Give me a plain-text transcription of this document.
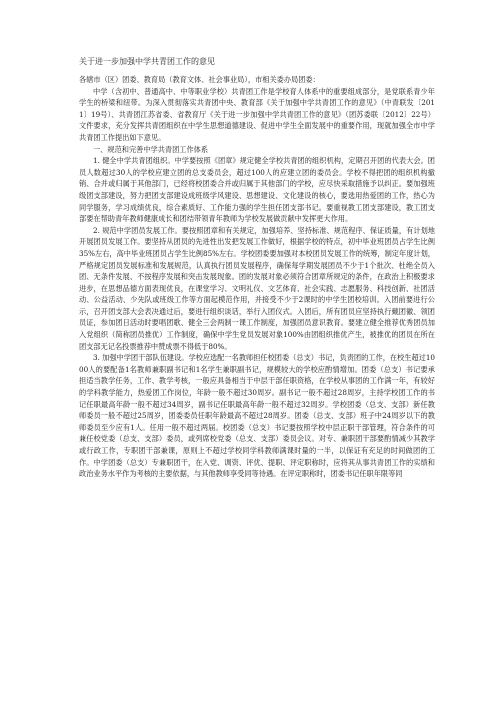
关于进一步加强中学共青团工作的意见

各辖市（区）团委、教育局（教育文体、社会事业局），市相关委办局团委：

中学（含初中、普通高中、中等职业学校）共青团工作是学校育人体系中的重要组成部分，是党联系青少年学生的桥梁和纽带。为深入贯彻落实共青团中央、教育部《关于加强中学共青团工作的意见》（中青联发〔2011〕19号）、共青团江苏省委、省教育厅《关于进一步加强中学共青团工作的意见》（团苏委联〔2012〕22号）文件要求，充分发挥共青团组织在中学生思想道德建设、促进中学生全面发展中的重要作用，现就加强全市中学共青团工作提出如下意见。

一、规范和完善中学共青团工作体系

1. 健全中学共青团组织。中学要按照《团章》规定健全学校共青团的组织机构，定期召开团的代表大会。团员人数超过30人的学校应建立团的总支委员会，超过100人的应建立团的委员会。学校不得把团的组织机构撤销、合并或归属于其他部门，已经将校团委合并或归属于其他部门的学校，应尽快采取措施予以纠正。要加强班级团支部建设，努力把团支部建设成班级学风建设、思想建设、文化建设的核心，要选用热爱团的工作，热心为同学服务，学习成绩优良，综合素质好、工作能力强的学生担任团支部书记。要重视教工团支部建设，教工团支部要在帮助青年教师健康成长和团结带领青年教师为学校发展做贡献中发挥更大作用。

2. 规范中学团员发展工作。要按照团章和有关规定，加强培养、坚持标准、规范程序、保证质量，有计划地开展团员发展工作。要坚持从团员的先进性出发把发展工作做好，根据学校的特点，初中毕业班团员占学生比例35%左右，高中毕业班团员占学生比例85%左右。学校团委要加强对本校团员发展工作的统筹，制定年度计划，严格规定团员发展标准和发展规范，认真执行团员发展程序，确保每学期发展团员不少于1个批次、杜绝全员入团、无条件发展、不按程序发展和突击发展现象。团的发展对象必须符合团章所规定的条件，在政治上积极要求进步，在思想品德方面表现优良，在课堂学习、文明礼仪、文艺体育、社会实践、志愿服务、科技创新、社团活动、公益活动、少先队或班级工作等方面起模范作用，并接受不少于2课时的中学生团校培训。入团前要进行公示，召开团支部大会表决通过后，要进行组织谈话，举行入团仪式。入团后，所有团员应坚持执行戴团徽、领团员证，参加团日活动时要唱团歌、健全三会两制一课工作制度，加强团员意识教育。要建立健全推荐优秀团员加入党组织（简称团员推优）工作制度，确保中学生党员发展对象100%由团组织推优产生，被推优的团员在所在团支部无记名投票推荐中赞成票不得低于80%。

3. 加强中学团干部队伍建设。学校应选配一名教师担任校团委（总支）书记，负责团的工作，在校生超过1000人的要配备1名教师兼职副书记和1名学生兼职副书记，规模较大的学校应酌情增加。团委（总支）书记要承担适当教学任务，工作、教学考核，一般应具备相当于中层干部任职资格，在学校从事团的工作满一年，有较好的学科教学能力，热爱团工作岗位，年龄一般不超过30周岁。副书记一般不超过28周岁，主持学校团工作的书记任职最高年龄一般不超过34周岁，副书记任职最高年龄一般不超过32周岁。学校团委（总支、支部）新任教师委员一般不超过25周岁，团委委员任职年龄最高不超过28周岁。团委（总支、支部）班子中24周岁以下的教师委员至少应有1人。任用一般不超过两届。校团委（总支）书记要按照学校中层正职干部管理，符合条件的可兼任校党委（总支、支部）委员，或列席校党委（总支、支部）委员会议。对专、兼职团干部要酌情减少其教学或行政工作，专职团干部兼课，原则上不超过学校同学科教师满课时量的一半，以保证有充足的时间做团的工作。中学团委（总支）专兼职团干，在入党、调资、评优、提职、评定职称时，应将其从事共青团工作的实绩和政治业务水平作为考核的主要依据，与其他教师享受同等待遇。在评定职称时，团委书记任职年限等同
